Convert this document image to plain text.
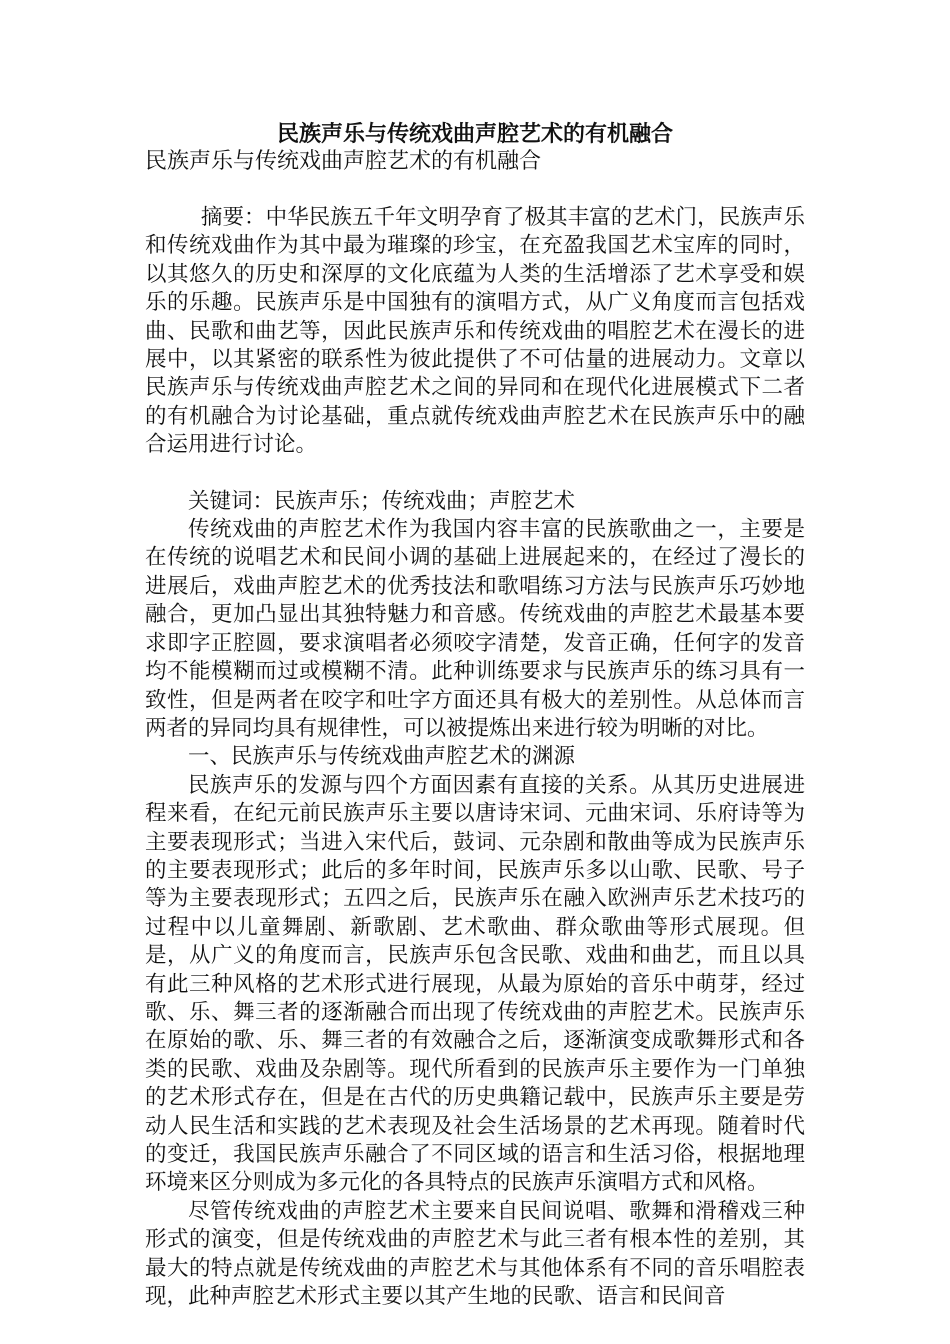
民族声乐与传统戏曲声腔艺术的有机融合
民族声乐与传统戏曲声腔艺术的有机融合

摘要：中华民族五千年文明孕育了极其丰富的艺术门，民族声乐和传统戏曲作为其中最为璀璨的珍宝，在充盈我国艺术宝库的同时，以其悠久的历史和深厚的文化底蕴为人类的生活增添了艺术享受和娱乐的乐趣。民族声乐是中国独有的演唱方式，从广义角度而言包括戏曲、民歌和曲艺等，因此民族声乐和传统戏曲的唱腔艺术在漫长的进展中，以其紧密的联系性为彼此提供了不可估量的进展动力。文章以民族声乐与传统戏曲声腔艺术之间的异同和在现代化进展模式下二者的有机融合为讨论基础，重点就传统戏曲声腔艺术在民族声乐中的融合运用进行讨论。

关键词：民族声乐；传统戏曲；声腔艺术

传统戏曲的声腔艺术作为我国内容丰富的民族歌曲之一，主要是在传统的说唱艺术和民间小调的基础上进展起来的，在经过了漫长的进展后，戏曲声腔艺术的优秀技法和歌唱练习方法与民族声乐巧妙地融合，更加凸显出其独特魅力和音感。传统戏曲的声腔艺术最基本要求即字正腔圆，要求演唱者必须咬字清楚，发音正确，任何字的发音均不能模糊而过或模糊不清。此种训练要求与民族声乐的练习具有一致性，但是两者在咬字和吐字方面还具有极大的差别性。从总体而言两者的异同均具有规律性，可以被提炼出来进行较为明晰的对比。

一、民族声乐与传统戏曲声腔艺术的渊源

民族声乐的发源与四个方面因素有直接的关系。从其历史进展进程来看，在纪元前民族声乐主要以唐诗宋词、元曲宋词、乐府诗等为主要表现形式；当进入宋代后，鼓词、元杂剧和散曲等成为民族声乐的主要表现形式；此后的多年时间，民族声乐多以山歌、民歌、号子等为主要表现形式；五四之后，民族声乐在融入欧洲声乐艺术技巧的过程中以儿童舞剧、新歌剧、艺术歌曲、群众歌曲等形式展现。但是，从广义的角度而言，民族声乐包含民歌、戏曲和曲艺，而且以具有此三种风格的艺术形式进行展现，从最为原始的音乐中萌芽，经过歌、乐、舞三者的逐渐融合而出现了传统戏曲的声腔艺术。民族声乐在原始的歌、乐、舞三者的有效融合之后，逐渐演变成歌舞形式和各类的民歌、戏曲及杂剧等。现代所看到的民族声乐主要作为一门单独的艺术形式存在，但是在古代的历史典籍记载中，民族声乐主要是劳动人民生活和实践的艺术表现及社会生活场景的艺术再现。随着时代的变迁，我国民族声乐融合了不同区域的语言和生活习俗，根据地理环境来区分则成为多元化的各具特点的民族声乐演唱方式和风格。

尽管传统戏曲的声腔艺术主要来自民间说唱、歌舞和滑稽戏三种形式的演变，但是传统戏曲的声腔艺术与此三者有根本性的差别，其最大的特点就是传统戏曲的声腔艺术与其他体系有不同的音乐唱腔表现，此种声腔艺术形式主要以其产生地的民歌、语言和民间音
